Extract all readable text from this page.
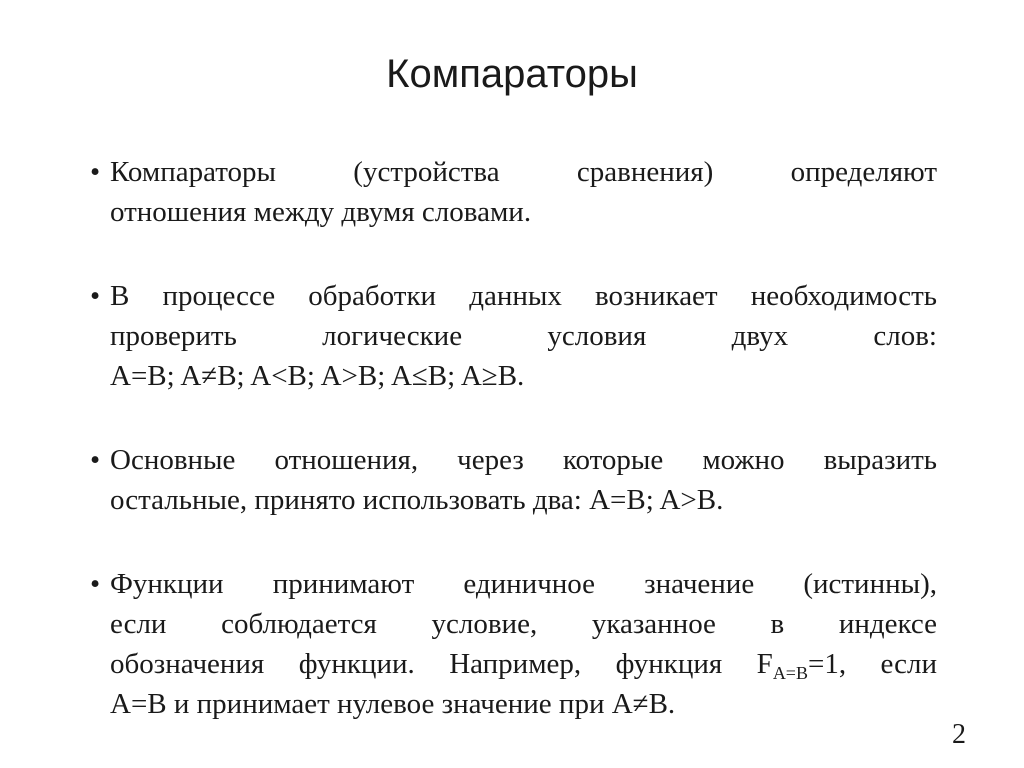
Компараторы
• Компараторы (устройства сравнения) определяют
отношения между двумя словами.
• В процессе обработки данных возникает необходимость
проверить логические условия двух слов:
A=B; A≠B; A<B; A>B; A≤B; A≥B.
• Основные отношения, через которые можно выразить
остальные, принято использовать два: A=B; A>B.
• Функции принимают единичное значение (истинны),
если соблюдается условие, указанное в индексе
обозначения функции. Например, функция $F_{A=B}=1$, если
A=B и принимает нулевое значение при A≠B.
2
